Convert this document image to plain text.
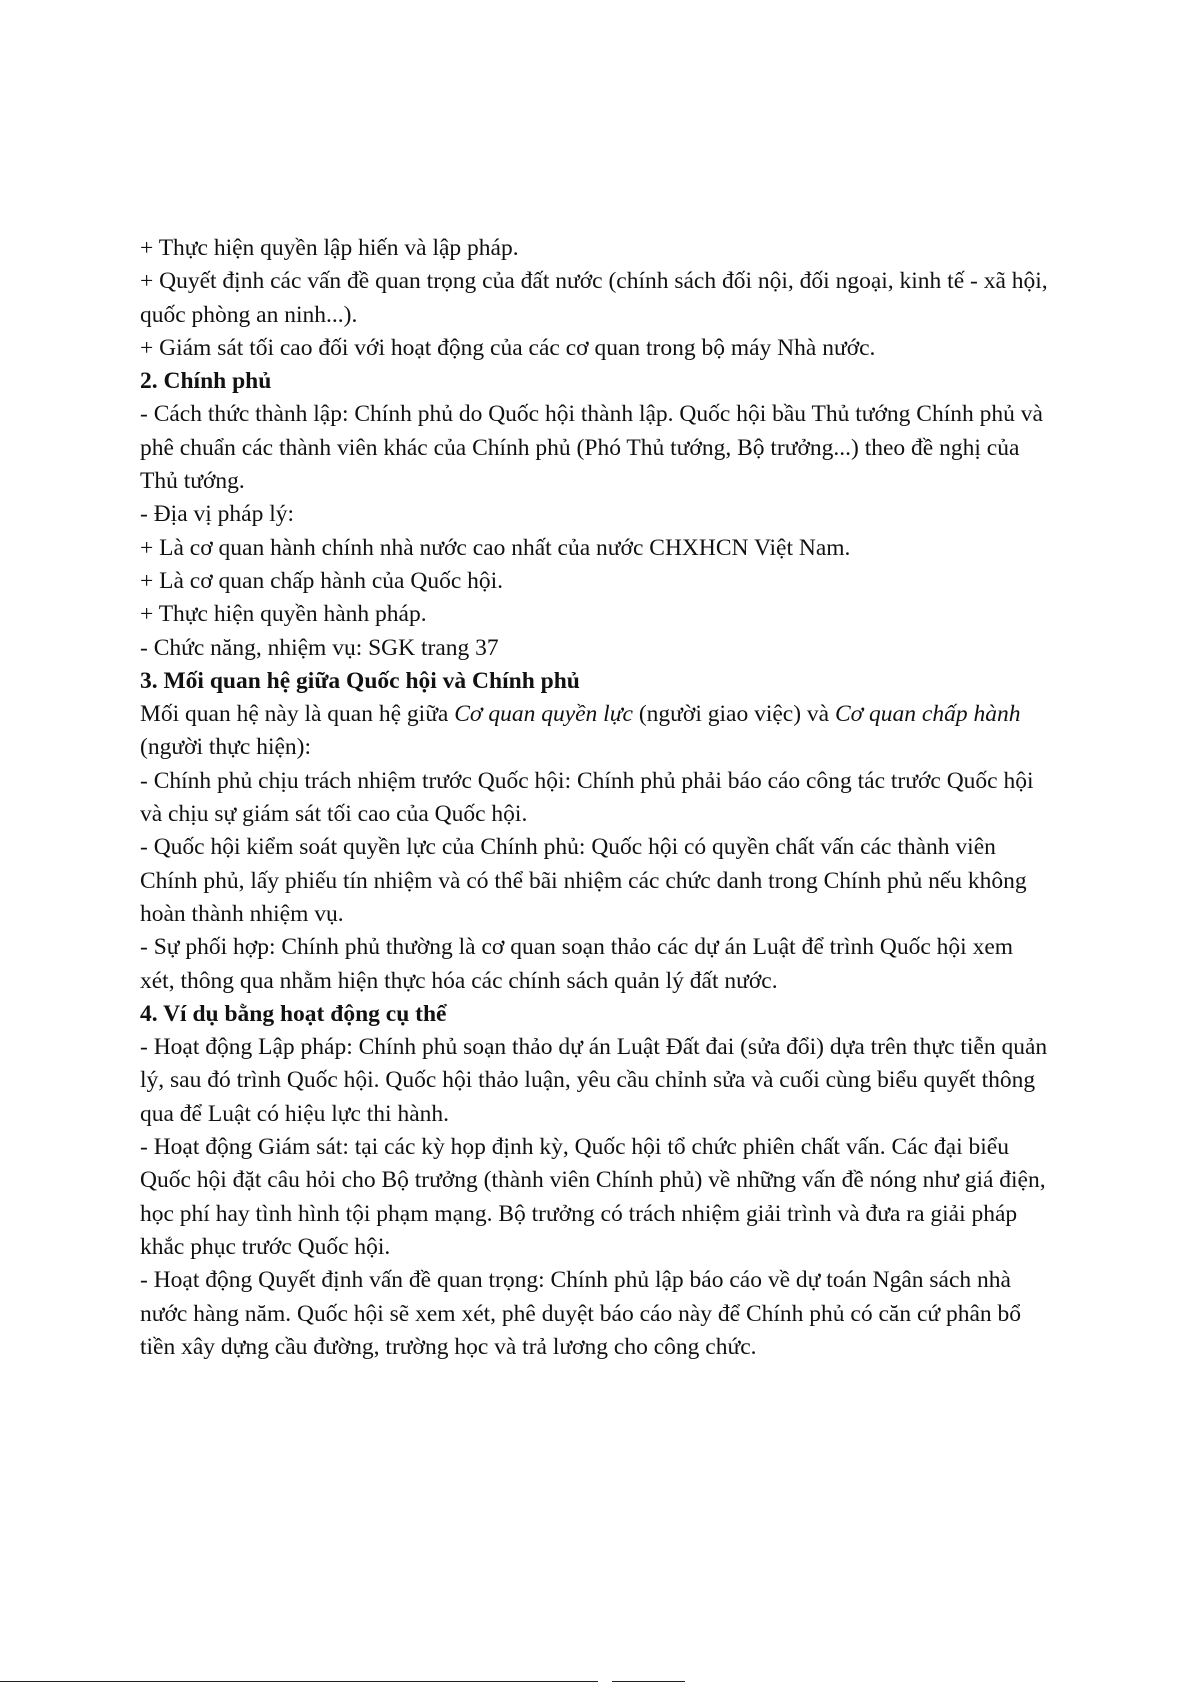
+ Thực hiện quyền lập hiến và lập pháp.

+ Quyết định các vấn đề quan trọng của đất nước (chính sách đối nội, đối ngoại, kinh tế - xã hội, quốc phòng an ninh...).

+ Giám sát tối cao đối với hoạt động của các cơ quan trong bộ máy Nhà nước.

2. Chính phủ

- Cách thức thành lập: Chính phủ do Quốc hội thành lập. Quốc hội bầu Thủ tướng Chính phủ và phê chuẩn các thành viên khác của Chính phủ (Phó Thủ tướng, Bộ trưởng...) theo đề nghị của Thủ tướng.

- Địa vị pháp lý:

+ Là cơ quan hành chính nhà nước cao nhất của nước CHXHCN Việt Nam.

+ Là cơ quan chấp hành của Quốc hội.

+ Thực hiện quyền hành pháp.

- Chức năng, nhiệm vụ: SGK trang 37

3. Mối quan hệ giữa Quốc hội và Chính phủ

Mối quan hệ này là quan hệ giữa Cơ quan quyền lực (người giao việc) và Cơ quan chấp hành (người thực hiện):

- Chính phủ chịu trách nhiệm trước Quốc hội: Chính phủ phải báo cáo công tác trước Quốc hội và chịu sự giám sát tối cao của Quốc hội.

- Quốc hội kiểm soát quyền lực của Chính phủ: Quốc hội có quyền chất vấn các thành viên Chính phủ, lấy phiếu tín nhiệm và có thể bãi nhiệm các chức danh trong Chính phủ nếu không hoàn thành nhiệm vụ.

- Sự phối hợp: Chính phủ thường là cơ quan soạn thảo các dự án Luật để trình Quốc hội xem xét, thông qua nhằm hiện thực hóa các chính sách quản lý đất nước.

4. Ví dụ bằng hoạt động cụ thể

- Hoạt động Lập pháp: Chính phủ soạn thảo dự án Luật Đất đai (sửa đổi) dựa trên thực tiễn quản lý, sau đó trình Quốc hội. Quốc hội thảo luận, yêu cầu chỉnh sửa và cuối cùng biểu quyết thông qua để Luật có hiệu lực thi hành.

- Hoạt động Giám sát: tại các kỳ họp định kỳ, Quốc hội tổ chức phiên chất vấn. Các đại biểu Quốc hội đặt câu hỏi cho Bộ trưởng (thành viên Chính phủ) về những vấn đề nóng như giá điện, học phí hay tình hình tội phạm mạng. Bộ trưởng có trách nhiệm giải trình và đưa ra giải pháp khắc phục trước Quốc hội.

- Hoạt động Quyết định vấn đề quan trọng: Chính phủ lập báo cáo về dự toán Ngân sách nhà nước hàng năm. Quốc hội sẽ xem xét, phê duyệt báo cáo này để Chính phủ có căn cứ phân bổ tiền xây dựng cầu đường, trường học và trả lương cho công chức.
